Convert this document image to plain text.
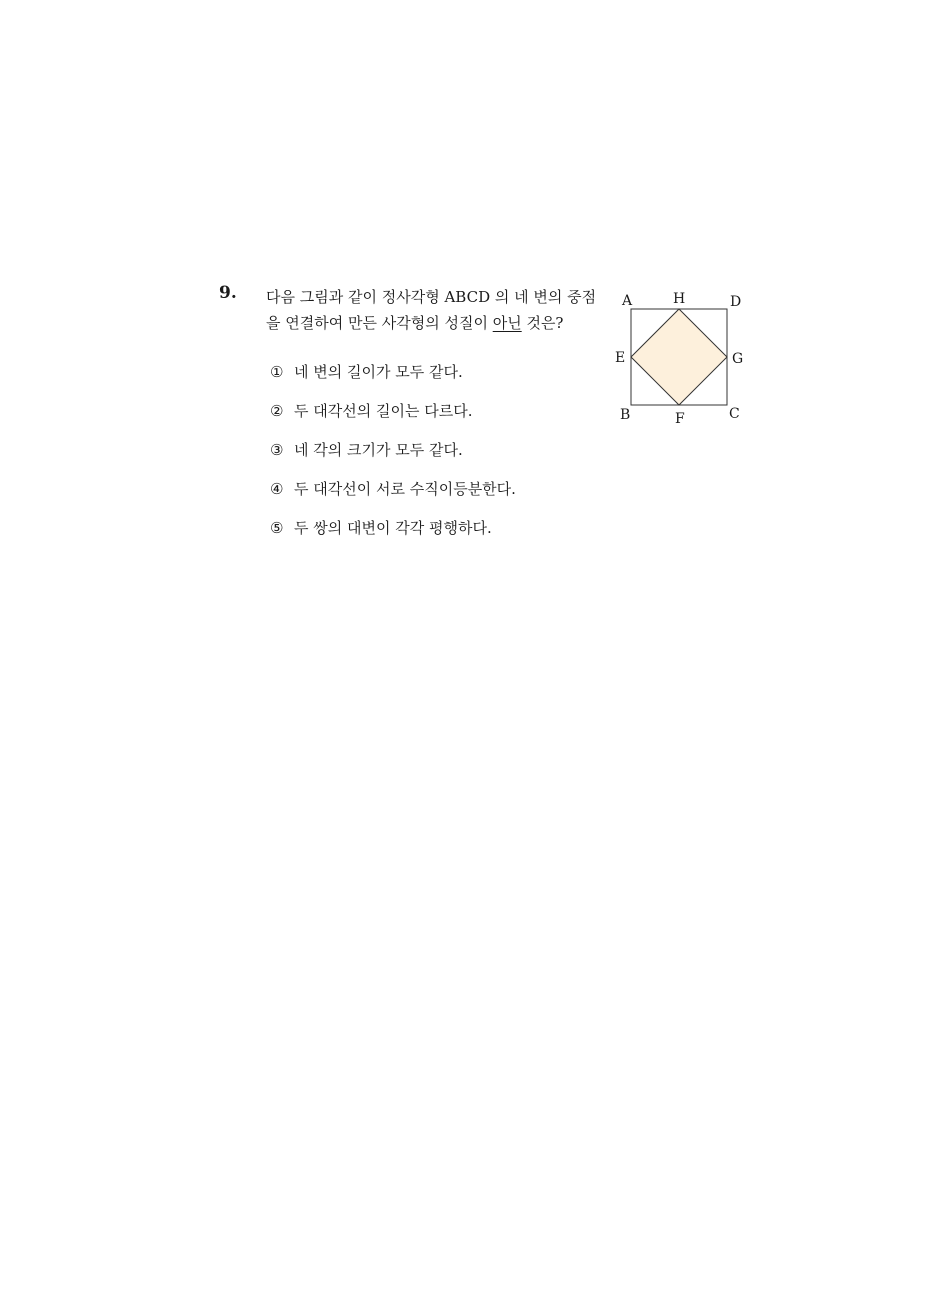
9. 다음 그림과 같이 정사각형 ABCD 의 네 변의 중점
을 연결하여 만든 사각형의 성질이 아닌 것은?
① 네 변의 길이가 모두 같다.
② 두 대각선의 길이는 다르다.
③ 네 각의 크기가 모두 같다.
④ 두 대각선이 서로 수직이등분한다.
⑤ 두 쌍의 대변이 각각 평행하다.
A	H	D
E	G
B	F	C
